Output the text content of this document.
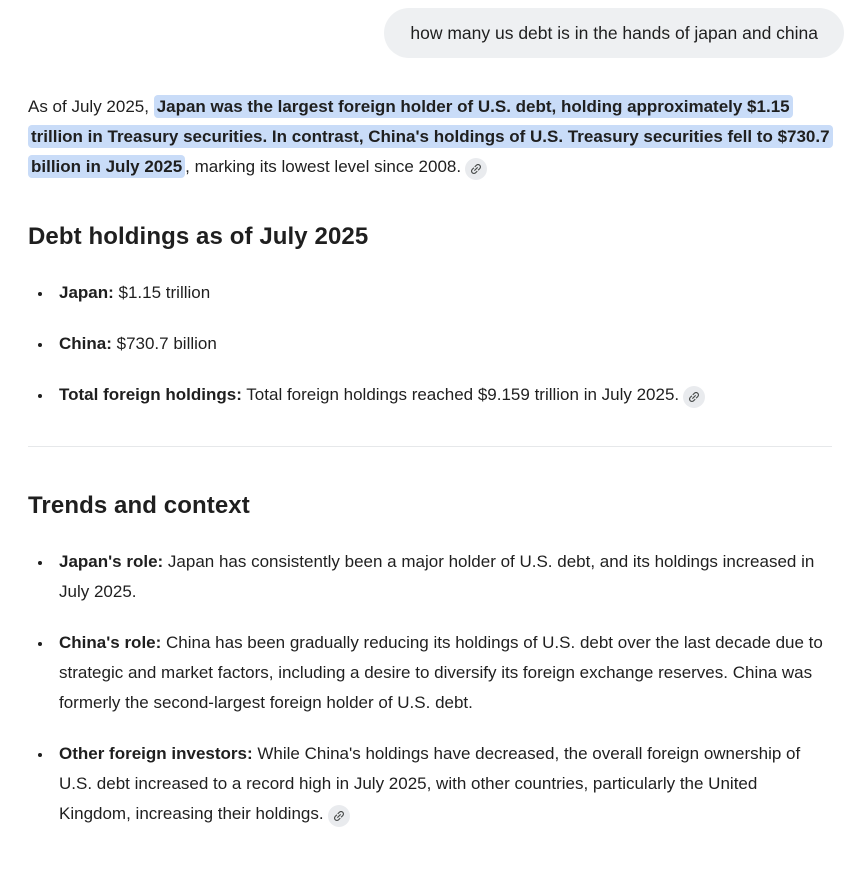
how many us debt is in the hands of japan and china

As of July 2025, Japan was the largest foreign holder of U.S. debt, holding approximately $1.15 trillion in Treasury securities. In contrast, China's holdings of U.S. Treasury securities fell to $730.7 billion in July 2025 , marking its lowest level since 2008.

Debt holdings as of July 2025
• Japan: $1.15 trillion
• China: $730.7 billion
• Total foreign holdings: Total foreign holdings reached $9.159 trillion in July 2025.
Trends and context
• Japan's role: Japan has consistently been a major holder of U.S. debt, and its holdings increased in July 2025.
• China's role: China has been gradually reducing its holdings of U.S. debt over the last decade due to strategic and market factors, including a desire to diversify its foreign exchange reserves. China was formerly the second-largest foreign holder of U.S. debt.
• Other foreign investors: While China's holdings have decreased, the overall foreign ownership of U.S. debt increased to a record high in July 2025, with other countries, particularly the United Kingdom, increasing their holdings.
